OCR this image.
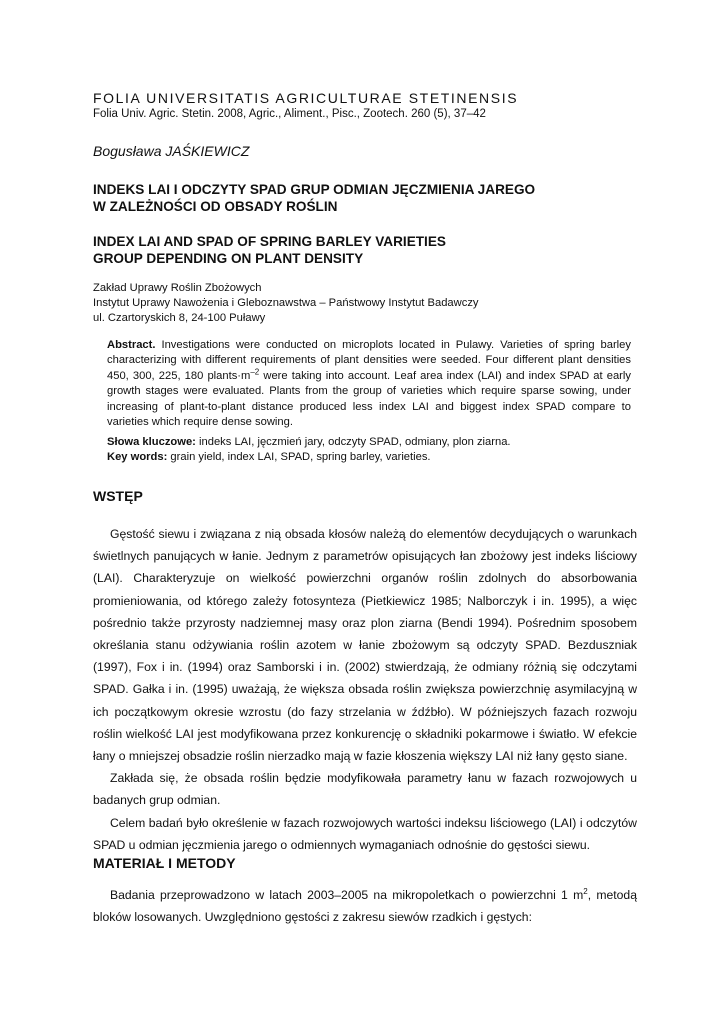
FOLIA UNIVERSITATIS AGRICULTURAE STETINENSIS
Folia Univ. Agric. Stetin. 2008, Agric., Aliment., Pisc., Zootech. 260 (5), 37–42
Bogusława JAŚKIEWICZ
INDEKS LAI I ODCZYTY SPAD GRUP ODMIAN JĘCZMIENIA JAREGO
W ZALEŻNOŚCI OD OBSADY ROŚLIN
INDEX LAI AND SPAD OF SPRING BARLEY VARIETIES
GROUP DEPENDING ON PLANT DENSITY
Zakład Uprawy Roślin Zbożowych
Instytut Uprawy Nawożenia i Gleboznawstwa – Państwowy Instytut Badawczy
ul. Czartoryskich 8, 24-100 Puławy
Abstract. Investigations were conducted on microplots located in Pulawy. Varieties of spring barley characterizing with different requirements of plant densities were seeded. Four different plant densities 450, 300, 225, 180 $plants\cdot m^{-2}$ were taking into account. Leaf area index (LAI) and index SPAD at early growth stages were evaluated. Plants from the group of varieties which require sparse sowing, under increasing of plant-to-plant distance produced less index LAI and biggest index SPAD compare to varieties which require dense sowing.
Słowa kluczowe: indeks LAI, jęczmień jary, odczyty SPAD, odmiany, plon ziarna.
Key words: grain yield, index LAI, SPAD, spring barley, varieties.
WSTĘP

Gęstość siewu i związana z nią obsada kłosów należą do elementów decydujących o warunkach świetlnych panujących w łanie. Jednym z parametrów opisujących łan zbożowy jest indeks liściowy (LAI). Charakteryzuje on wielkość powierzchni organów roślin zdolnych do absorbowania promieniowania, od którego zależy fotosynteza (Pietkiewicz 1985; Nalborczyk i in. 1995), a więc pośrednio także przyrosty nadziemnej masy oraz plon ziarna (Bendi 1994). Pośrednim sposobem określania stanu odżywiania roślin azotem w łanie zbożowym są odczyty SPAD. Bezduszniak (1997), Fox i in. (1994) oraz Samborski i in. (2002) stwierdzają, że odmiany różnią się odczytami SPAD. Gałka i in. (1995) uważają, że większa obsada roślin zwiększa powierzchnię asymilacyjną w ich początkowym okresie wzrostu (do fazy strzelania w źdźbło). W późniejszych fazach rozwoju roślin wielkość LAI jest modyfikowana przez konkurencję o składniki pokarmowe i światło. W efekcie łany o mniejszej obsadzie roślin nierzadko mają w fazie kłoszenia większy LAI niż łany gęsto siane.

Zakłada się, że obsada roślin będzie modyfikowała parametry łanu w fazach rozwojowych u badanych grup odmian.

Celem badań było określenie w fazach rozwojowych wartości indeksu liściowego (LAI) i odczytów SPAD u odmian jęczmienia jarego o odmiennych wymaganiach odnośnie do gęstości siewu.

MATERIAŁ I METODY

Badania przeprowadzono w latach 2003–2005 na mikropoletkach o powierzchni 1 $m^2$, metodą bloków losowanych. Uwzględniono gęstości z zakresu siewów rzadkich i gęstych:
